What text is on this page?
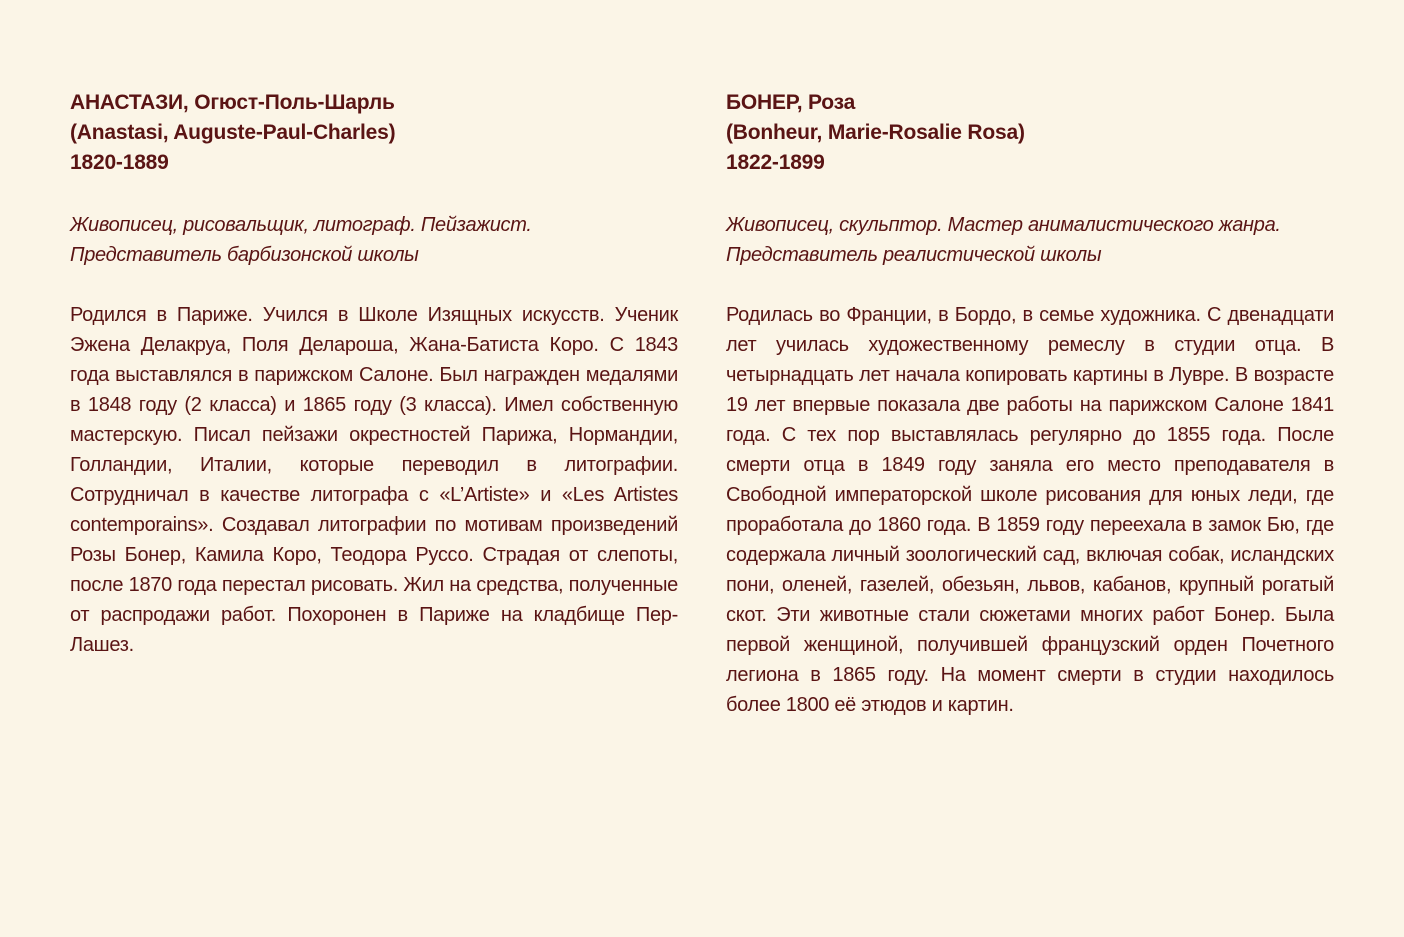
АНАСТАЗИ, Огюст-Поль-Шарль
(Anastasi, Auguste-Paul-Charles)
1820-1889
Живописец, рисовальщик, литограф. Пейзажист.
Представитель барбизонской школы
Родился в Париже. Учился в Школе Изящных искусств. Ученик Эжена Делакруа, Поля Делароша, Жана-Батиста Коро. С 1843 года выставлялся в парижском Салоне. Был награжден медалями в 1848 году (2 класса) и 1865 году (3 класса). Имел собственную мастерскую. Писал пейзажи окрестностей Парижа, Нормандии, Голландии, Италии, которые переводил в литографии. Сотрудничал в качестве литографа с «L’Artiste» и «Les Artistes contemporains». Создавал литографии по мотивам произведений Розы Бонер, Камила Коро, Теодора Руссо. Страдая от слепоты, после 1870 года перестал рисовать. Жил на средства, полученные от распродажи работ. Похоронен в Париже на кладбище Пер-Лашез.
БОНЕР, Роза
(Bonheur, Marie-Rosalie Rosa)
1822-1899
Живописец, скульптор. Мастер анималистического жанра.
Представитель реалистической школы
Родилась во Франции, в Бордо, в семье художника. С двенадцати лет училась художественному ремеслу в студии отца. В четырнадцать лет начала копировать картины в Лувре. В возрасте 19 лет впервые показала две работы на парижском Салоне 1841 года. С тех пор выставлялась регулярно до 1855 года. После смерти отца в 1849 году заняла его место преподавателя в Свободной императорской школе рисования для юных леди, где проработала до 1860 года. В 1859 году переехала в замок Бю, где содержала личный зоологический сад, включая собак, исландских пони, оленей, газелей, обезьян, львов, кабанов, крупный рогатый скот. Эти животные стали сюжетами многих работ Бонер. Была первой женщиной, получившей французский орден Почетного легиона в 1865 году. На момент смерти в студии находилось более 1800 её этюдов и картин.
